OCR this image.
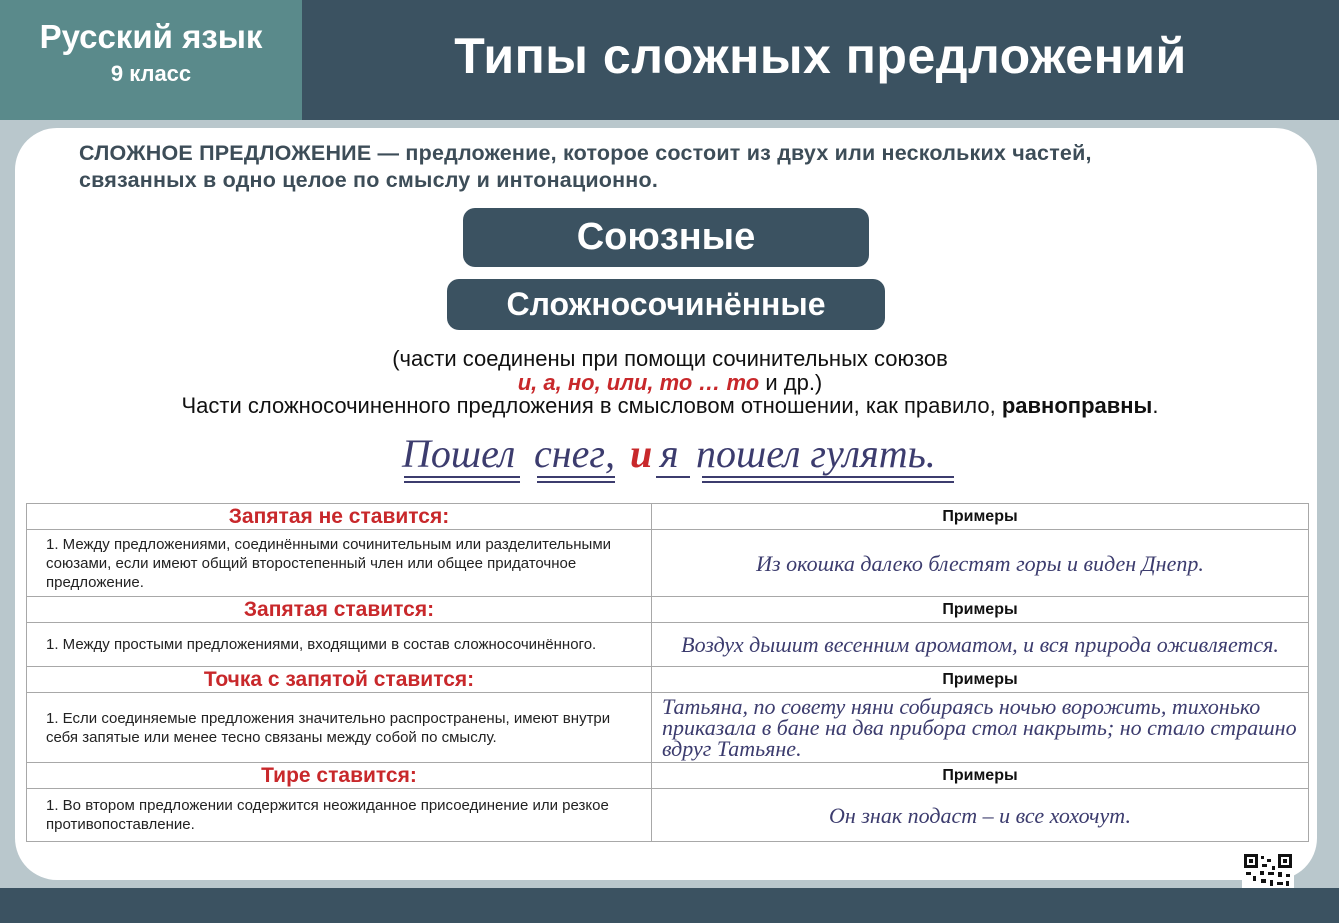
Русский язык
9 класс	Типы сложных предложений
СЛОЖНОЕ ПРЕДЛОЖЕНИЕ — предложение, которое состоит из двух или нескольких частей,
связанных в одно целое по смыслу и интонационно.
Союзные
Сложносочинённые
(части соединены при помощи сочинительных союзов
и, а, но, или, то … то и др.)
Части сложносочиненного предложения в смысловом отношении, как правило, равноправны.
Пошел снег, и я пошел гулять.
Запятая не ставится:	Примеры
1. Между предложениями, соединёнными сочинительным или разделительными союзами, если имеют общий второстепенный член или общее придаточное предложение.	Из окошка далеко блестят горы и виден Днепр.
Запятая ставится:	Примеры
1. Между простыми предложениями, входящими в состав сложносочинённого.	Воздух дышит весенним ароматом, и вся природа оживляется.
Точка с запятой ставится:	Примеры
1. Если соединяемые предложения значительно распространены, имеют внутри себя запятые или менее тесно связаны между собой по смыслу.	Татьяна, по совету няни собираясь ночью ворожить, тихонько приказала в бане на два прибора стол накрыть; но стало страшно вдруг Татьяне.
Тире ставится:	Примеры
1. Во втором предложении содержится неожиданное присоединение или резкое противопоставление.	Он знак подаст – и все хохочут.
